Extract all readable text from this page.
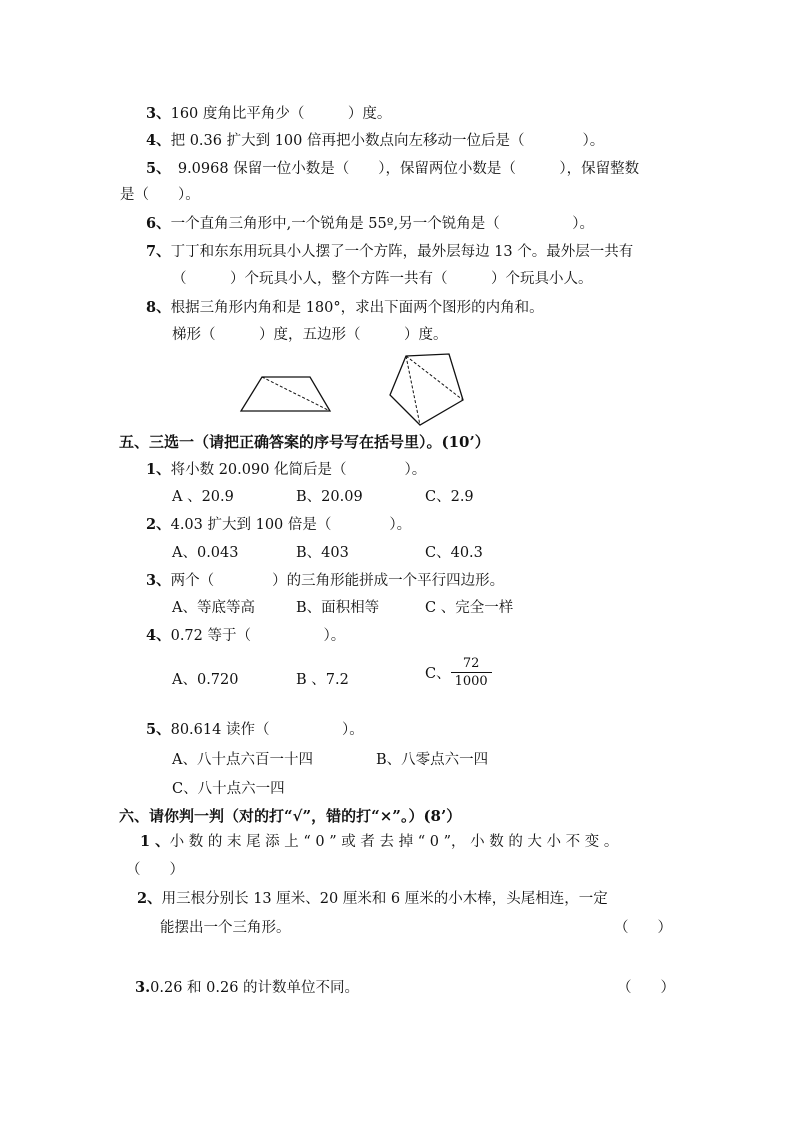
3、160 度角比平角少（　　　）度。
4、把 0.36 扩大到 100 倍再把小数点向左移动一位后是（　　　　）。
5、　9.0968 保留一位小数是（　　），保留两位小数是（　　　），保留整数
是（　　）。
6、一个直角三角形中,一个锐角是 55º,另一个锐角是（　　　　　）。
7、丁丁和东东用玩具小人摆了一个方阵，最外层每边 13 个。最外层一共有
（　　　）个玩具小人，整个方阵一共有（　　　）个玩具小人。
8、根据三角形内角和是 180°，求出下面两个图形的内角和。
梯形（　　　）度，五边形（　　　）度。
五、三选一（请把正确答案的序号写在括号里）。(10’）
1、将小数 20.090 化简后是（　　　　）。
A 、20.9	B、20.09	C、2.9
2、4.03 扩大到 100 倍是（　　　　）。
A、0.043	B、403	C、40.3
3、两个（　　　　）的三角形能拼成一个平行四边形。
A、等底等高	B、面积相等	C 、完全一样
4、0.72 等于（　　　　　）。
A、0.720	B 、7.2	C、 $\frac{72}{1000}$
5、80.614 读作（　　　　　）。
A、八十点六百一十四	B、八零点六一四
C、八十点六一四
六、请你判一判（对的打“√”，错的打“×”。）(8’）
1 、小 数 的 末 尾 添 上 “ 0 ” 或 者 去 掉 “ 0 ”， 小 数 的 大 小 不 变 。
（　　）
2、用三根分别长 13 厘米、20 厘米和 6 厘米的小木棒，头尾相连，一定
能摆出一个三角形。	（　　）
3.0.26 和 0.26 的计数单位不同。	（　　）
